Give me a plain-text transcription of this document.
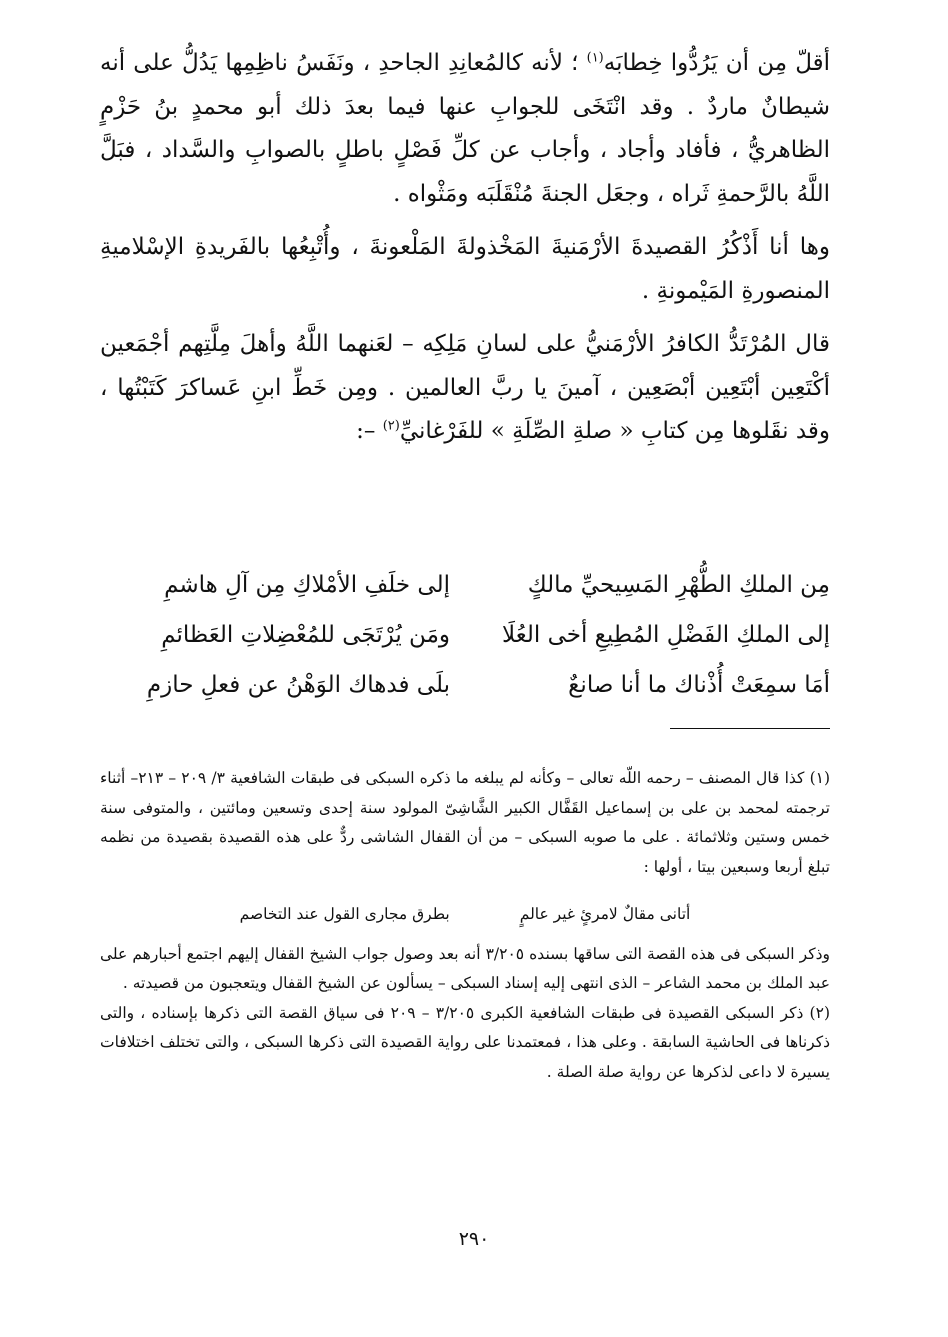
أقلّ مِن أن يَرُدُّوا خِطابَه$^{(١)}$ ؛ لأنه كالمُعانِدِ الجاحدِ ، ونَفَسُ ناظِمِها يَدُلُّ على أنه شيطانٌ ماردٌ . وقد انْتَخَى للجوابِ عنها فيما بعدَ ذلك أبو محمدٍ بنُ حَزْمٍ الظاهريُّ ، فأفاد وأجاد ، وأجاب عن كلِّ فَصْلٍ باطلٍ بالصوابِ والسَّداد ، فبَلَّ اللَّهُ بالرَّحمةِ ثَراه ، وجعَل الجنةَ مُنْقَلَبَه ومَثْواه .

وها أنا أَذْكُرُ القصيدةَ الأرْمَنيةَ المَخْذولةَ المَلْعونةَ ، وأُتْبِعُها بالفَريدةِ الإسْلاميةِ المنصورةِ المَيْمونةِ .

قال المُرْتَدُّ الكافرُ الأرْمَنيُّ على لسانِ مَلِكِه – لعَنهما اللَّهُ وأهلَ مِلَّتِهم أجْمَعين أكْتَعِين أبْتَعِين أبْصَعِين ، آمينَ يا ربَّ العالمين . ومِن خَطِّ ابنِ عَساكرَ كَتَبْتُها ، وقد نقَلوها مِن كتابِ « صلةِ الصِّلَةِ » للفَرْغانيِّ$^{(٢)}$ –:

مِن الملكِ الطُّهْرِ المَسِيحيِّ مالكٍ
إلى خلَفِ الأمْلاكِ مِن آلِ هاشمِ
إلى الملكِ الفَضْلِ المُطِيعِ أخى العُلَا
ومَن يُرْتَجَى للمُعْضِلاتِ العَظائمِ
أمَا سمِعَتْ أُذْناك ما أنا صانعٌ
بلَى فدهاك الوَهْنُ عن فعلِ حازمِ

(١) كذا قال المصنف – رحمه اللّه تعالى – وكأنه لم يبلغه ما ذكره السبكى فى طبقات الشافعية ٣/ ٢٠٩ – ٢١٣– أثناء ترجمته لمحمد بن على بن إسماعيل القَفَّال الكبير الشَّاشِىّ المولود سنة إحدى وتسعين ومائتين ، والمتوفى سنة خمس وستين وثلاثمائة . على ما صوبه السبكى – من أن القفال الشاشى ردٌّ على هذه القصيدة بقصيدة من نظمه تبلغ أربعا وسبعين بيتا ، أولها :

أتانى مقالٌ لامرئٍ غير عالمٍ
بطرق مجارى القول عند التخاصم

وذكر السبكى فى هذه القصة التى ساقها بسنده ٣/٢٠٥ أنه بعد وصول جواب الشيخ القفال إليهم اجتمع أحبارهم على عبد الملك بن محمد الشاعر – الذى انتهى إليه إسناد السبكى – يسألون عن الشيخ القفال ويتعجبون من قصيدته .

(٢) ذكر السبكى القصيدة فى طبقات الشافعية الكبرى ٣/٢٠٥ – ٢٠٩ فى سياق القصة التى ذكرها بإسناده ، والتى ذكرناها فى الحاشية السابقة . وعلى هذا ، فمعتمدنا على رواية القصيدة التى ذكرها السبكى ، والتى تختلف اختلافات يسيرة لا داعى لذكرها عن رواية صلة الصلة .

٢٩٠
